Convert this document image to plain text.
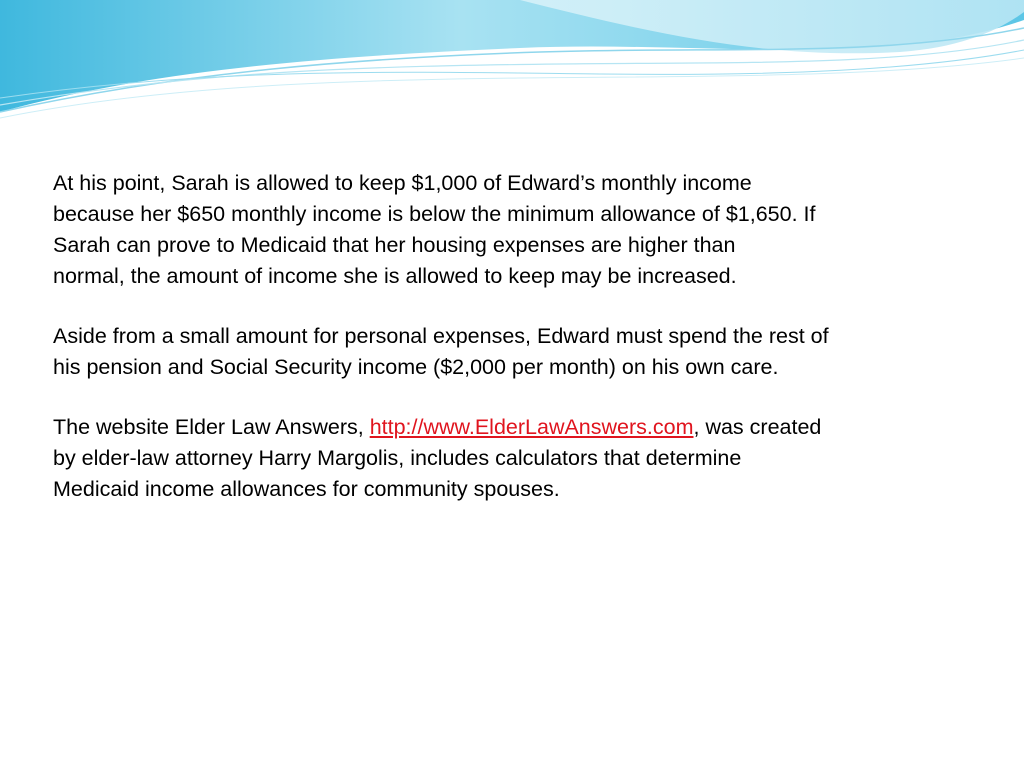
At his point, Sarah is allowed to keep $1,000 of Edward’s monthly income
because her $650 monthly income is below the minimum allowance of $1,650. If
Sarah can prove to Medicaid that her housing expenses are higher than
normal, the amount of income she is allowed to keep may be increased.

Aside from a small amount for personal expenses, Edward must spend the rest of
his pension and Social Security income ($2,000 per month) on his own care.

The website Elder Law Answers, http://www.ElderLawAnswers.com, was created
by elder-law attorney Harry Margolis, includes calculators that determine
Medicaid income allowances for community spouses.
